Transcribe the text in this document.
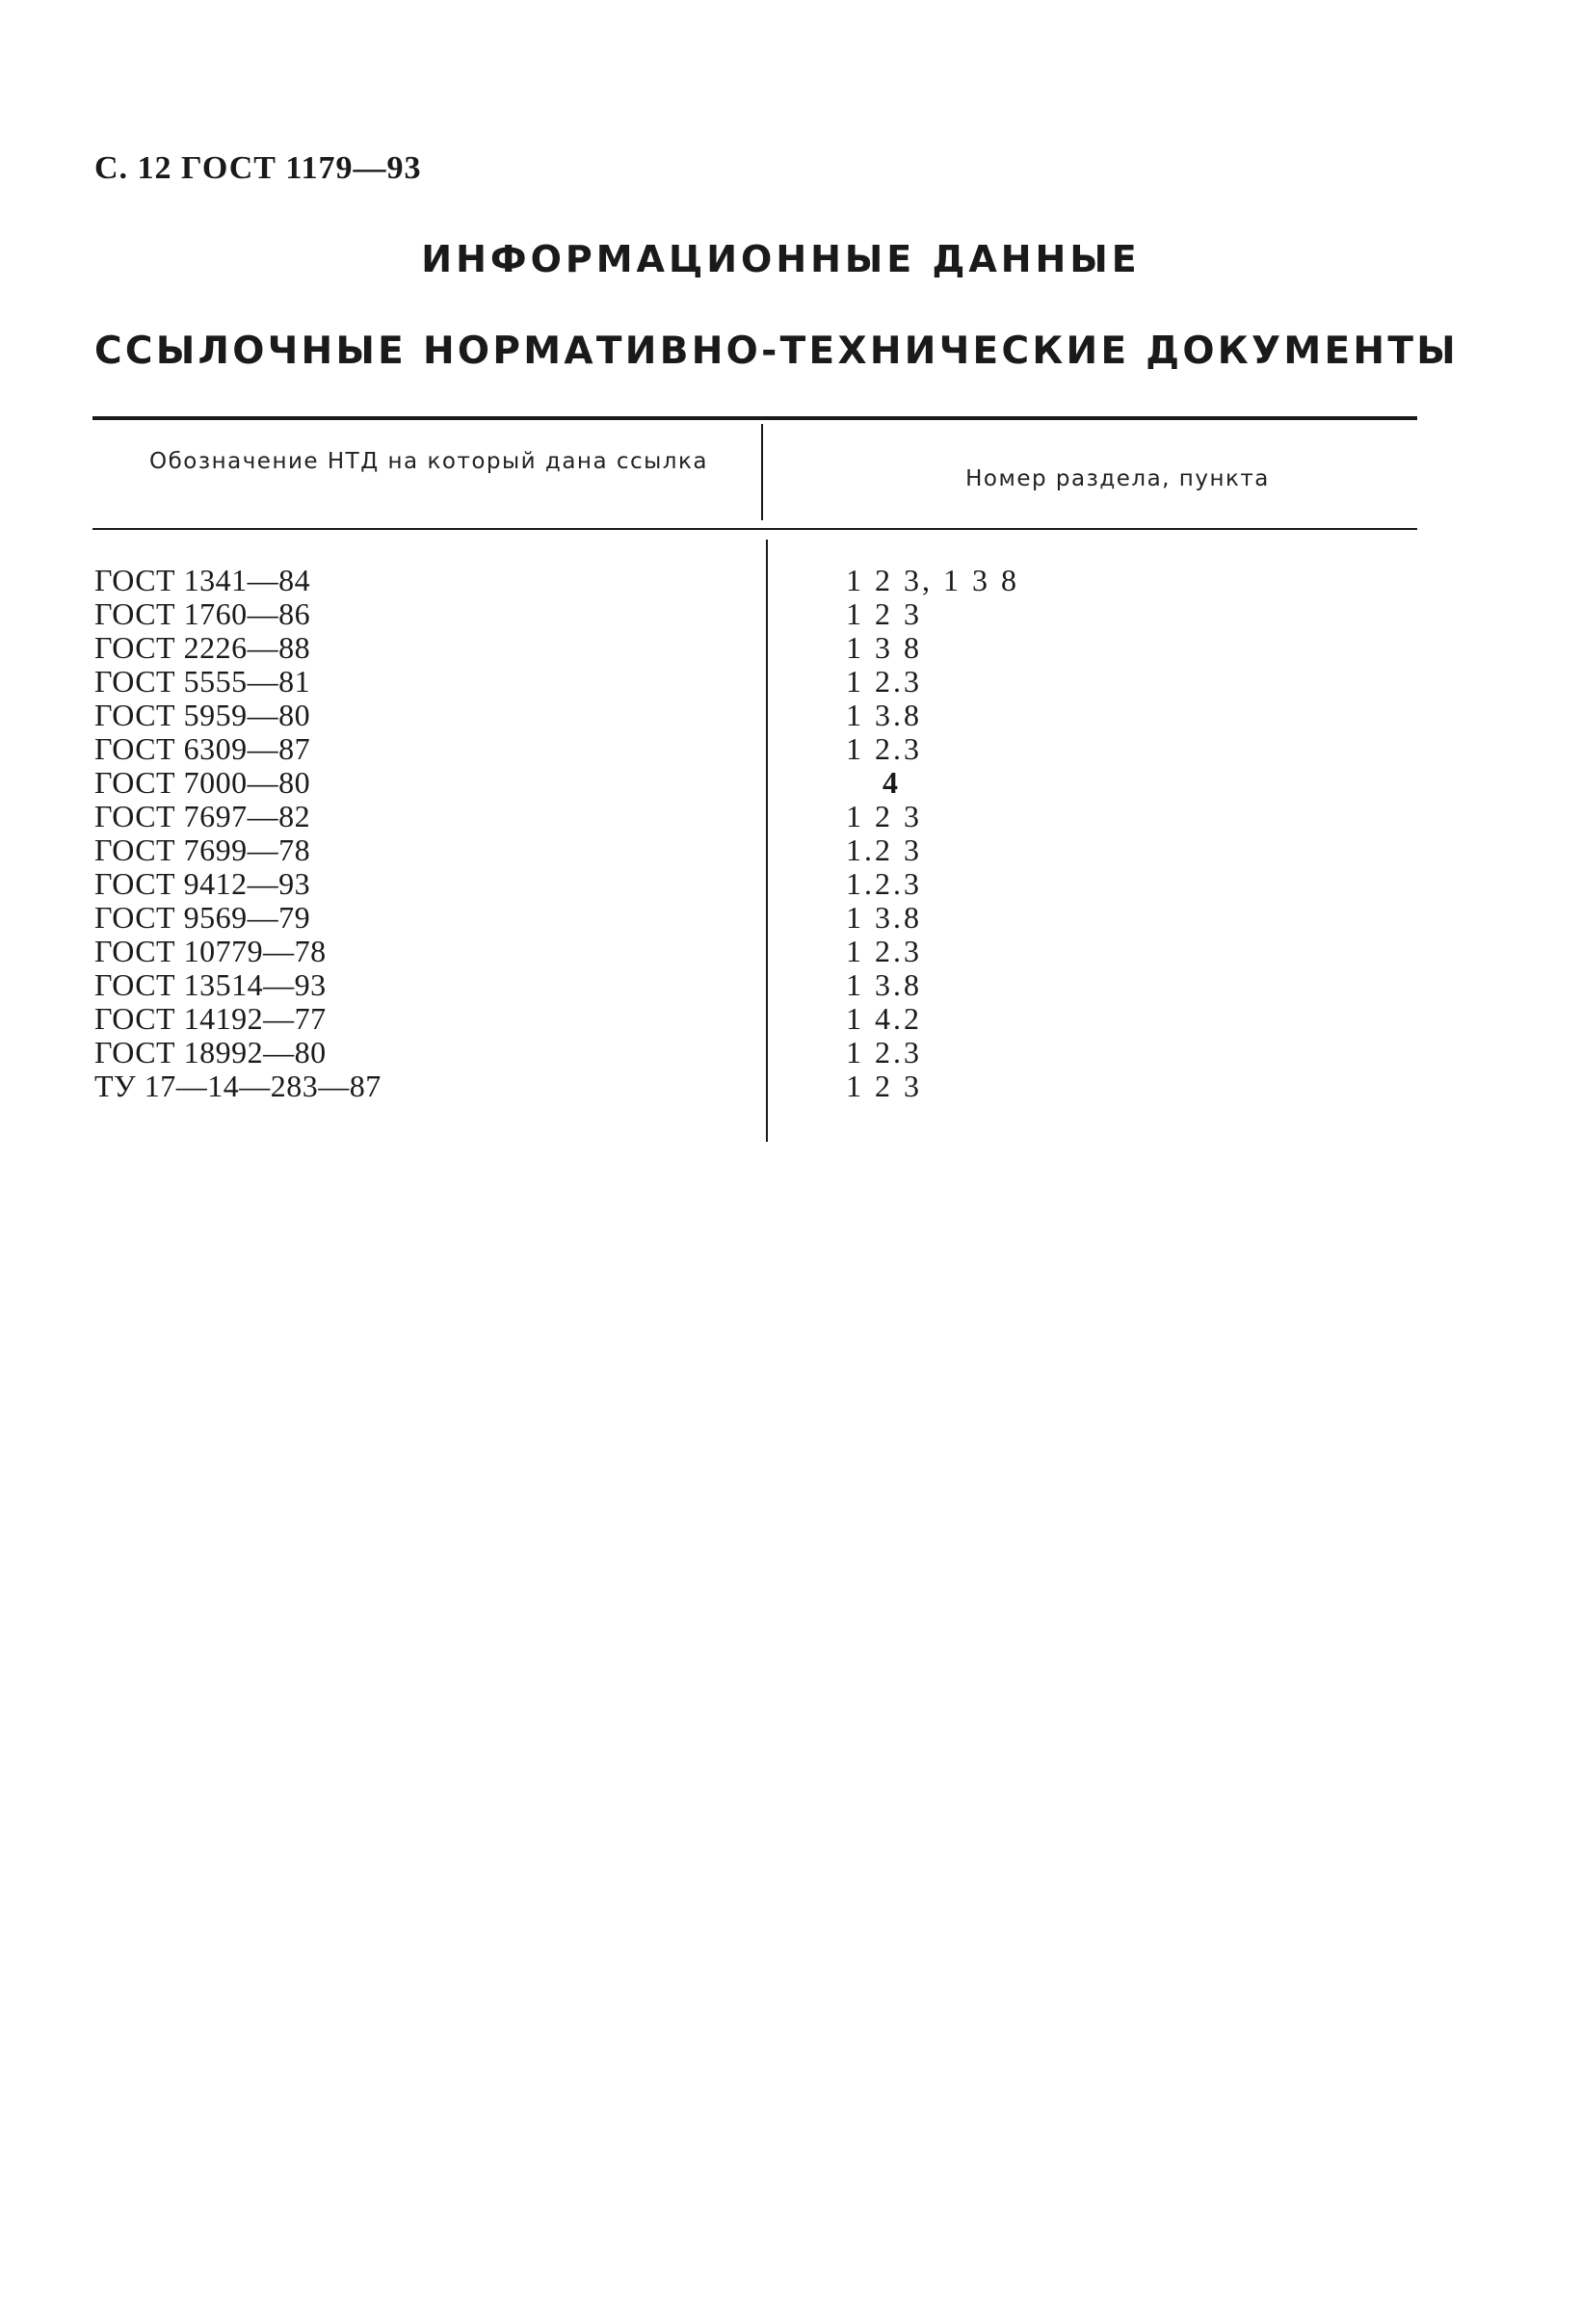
С. 12 ГОСТ 1179—93
ИНФОРМАЦИОННЫЕ ДАННЫЕ
ССЫЛОЧНЫЕ НОРМАТИВНО-ТЕХНИЧЕСКИЕ ДОКУМЕНТЫ
Обозначение НТД на который дана ссылка
Номер раздела, пункта
ГОСТ 1341—84	1 2 3, 1 3 8
ГОСТ 1760—86	1 2 3
ГОСТ 2226—88	1 3 8
ГОСТ 5555—81	1 2.3
ГОСТ 5959—80	1 3.8
ГОСТ 6309—87	1 2.3
ГОСТ 7000—80	4
ГОСТ 7697—82	1 2 3
ГОСТ 7699—78	1.2 3
ГОСТ 9412—93	1.2.3
ГОСТ 9569—79	1 3.8
ГОСТ 10779—78	1 2.3
ГОСТ 13514—93	1 3.8
ГОСТ 14192—77	1 4.2
ГОСТ 18992—80	1 2.3
ТУ 17—14—283—87	1 2 3
